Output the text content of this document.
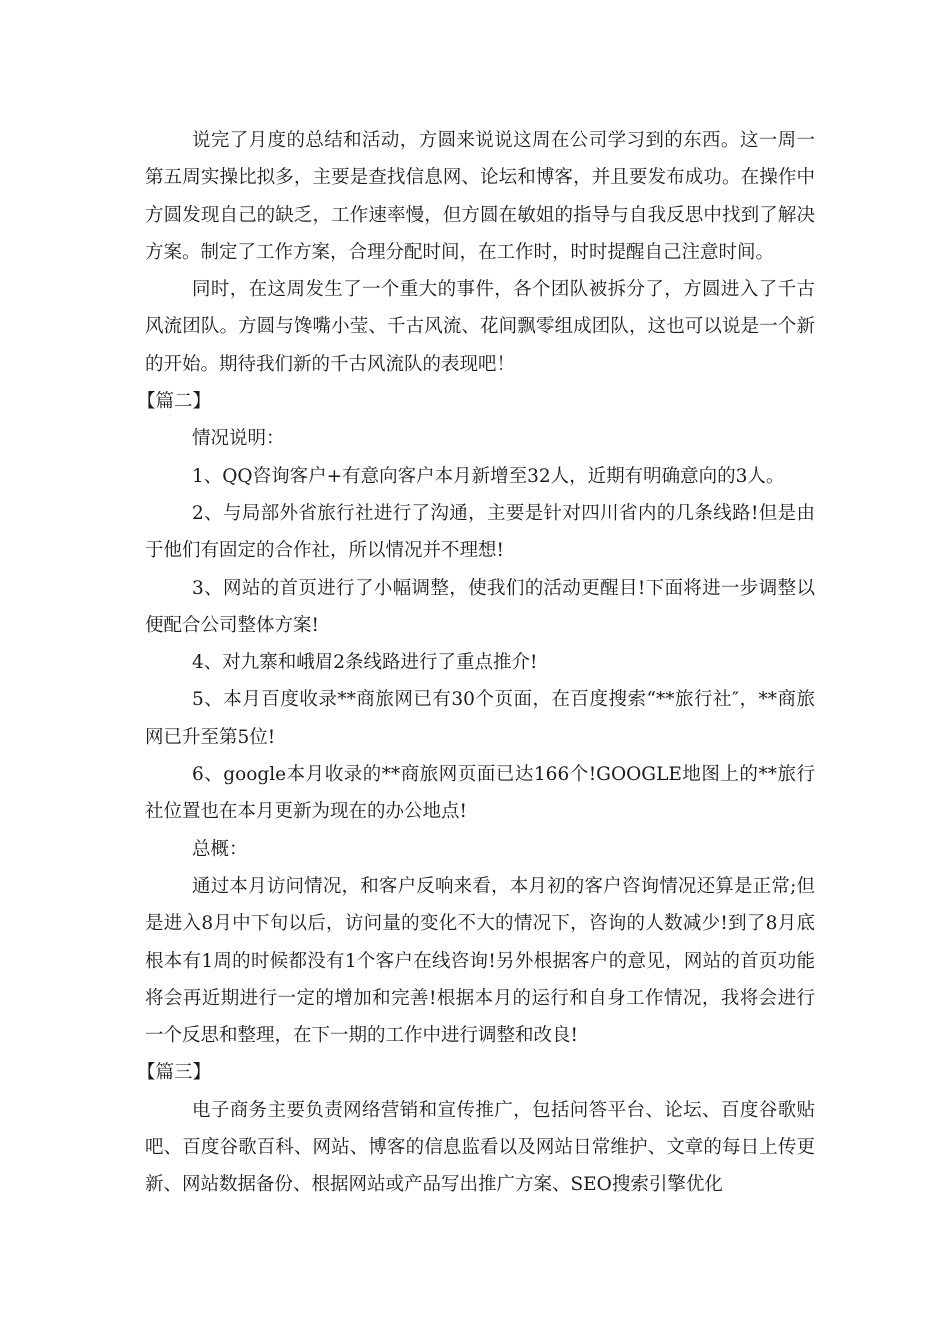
说完了月度的总结和活动，方圆来说说这周在公司学习到的东西。这一周一第五周实操比拟多，主要是查找信息网、论坛和博客，并且要发布成功。在操作中方圆发现自己的缺乏，工作速率慢，但方圆在敏姐的指导与自我反思中找到了解决方案。制定了工作方案，合理分配时间，在工作时，时时提醒自己注意时间。

同时，在这周发生了一个重大的事件，各个团队被拆分了，方圆进入了千古风流团队。方圆与馋嘴小莹、千古风流、花间飘零组成团队，这也可以说是一个新的开始。期待我们新的千古风流队的表现吧！

【篇二】

情况说明：

1、QQ咨询客户+有意向客户本月新增至32人，近期有明确意向的3人。

2、与局部外省旅行社进行了沟通，主要是针对四川省内的几条线路!但是由于他们有固定的合作社，所以情况并不理想!

3、网站的首页进行了小幅调整，使我们的活动更醒目!下面将进一步调整以便配合公司整体方案!

4、对九寨和峨眉2条线路进行了重点推介!

5、本月百度收录**商旅网已有30个页面，在百度搜索“**旅行社″，**商旅网已升至第5位!

6、google本月收录的**商旅网页面已达166个!GOOGLE地图上的**旅行社位置也在本月更新为现在的办公地点!

总概：

通过本月访问情况，和客户反响来看，本月初的客户咨询情况还算是正常;但是进入8月中下旬以后，访问量的变化不大的情况下，咨询的人数减少!到了8月底根本有1周的时候都没有1个客户在线咨询!另外根据客户的意见，网站的首页功能将会再近期进行一定的增加和完善!根据本月的运行和自身工作情况，我将会进行一个反思和整理，在下一期的工作中进行调整和改良!

【篇三】

电子商务主要负责网络营销和宣传推广，包括问答平台、论坛、百度谷歌贴吧、百度谷歌百科、网站、博客的信息监看以及网站日常维护、文章的每日上传更新、网站数据备份、根据网站或产品写出推广方案、SEO搜索引擎优化
